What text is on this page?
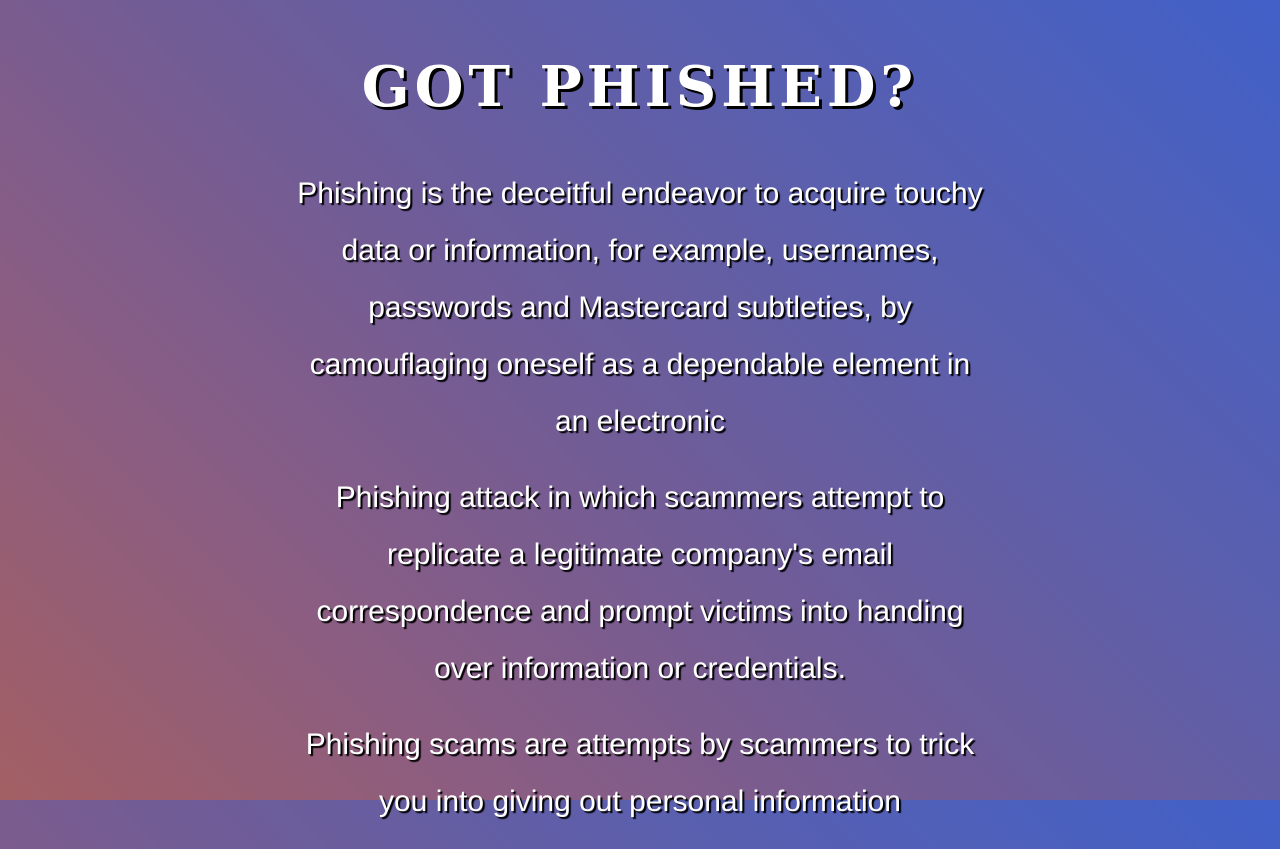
GOT PHISHED?

Phishing is the deceitful endeavor to acquire touchy data or information, for example, usernames, passwords and Mastercard subtleties, by camouflaging oneself as a dependable element in an electronic

Phishing attack in which scammers attempt to replicate a legitimate company's email correspondence and prompt victims into handing over information or credentials.

Phishing scams are attempts by scammers to trick you into giving out personal information
